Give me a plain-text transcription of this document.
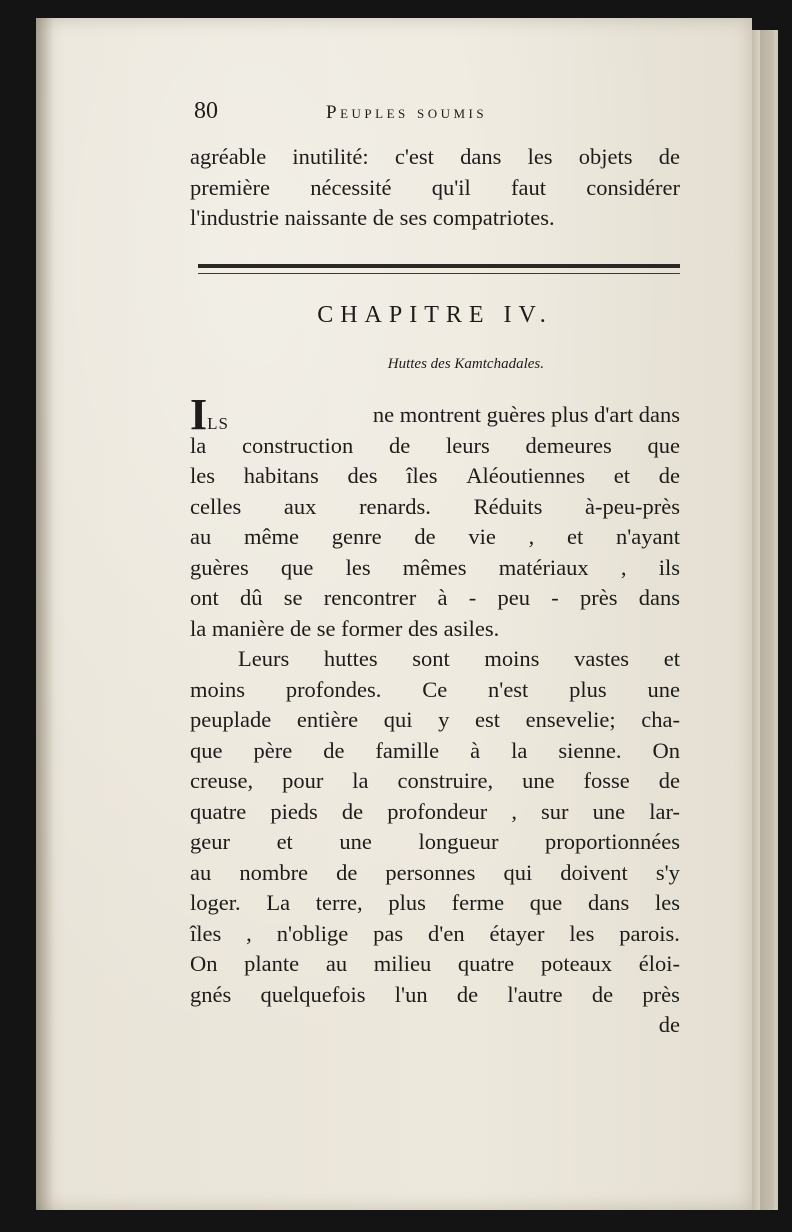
80	Peuples soumis
agréable inutilité: c'est dans les objets de
première nécessité qu'il faut considérer
l'industrie naissante de ses compatriotes.
CHAPITRE IV.
Huttes des Kamtchadales.
ILS	ne montrent guères plus d'art dans
la construction de leurs demeures que
les habitans des îles Aléoutiennes et de
celles aux renards. Réduits à-peu-près
au même genre de vie , et n'ayant
guères que les mêmes matériaux , ils
ont dû se rencontrer à - peu - près dans
la manière de se former des asiles.
Leurs huttes sont moins vastes et
moins profondes. Ce n'est plus une
peuplade entière qui y est ensevelie; cha-
que père de famille à la sienne. On
creuse, pour la construire, une fosse de
quatre pieds de profondeur , sur une lar-
geur et une longueur proportionnées
au nombre de personnes qui doivent s'y
loger. La terre, plus ferme que dans les
îles , n'oblige pas d'en étayer les parois.
On plante au milieu quatre poteaux éloi-
gnés quelquefois l'un de l'autre de près
de
